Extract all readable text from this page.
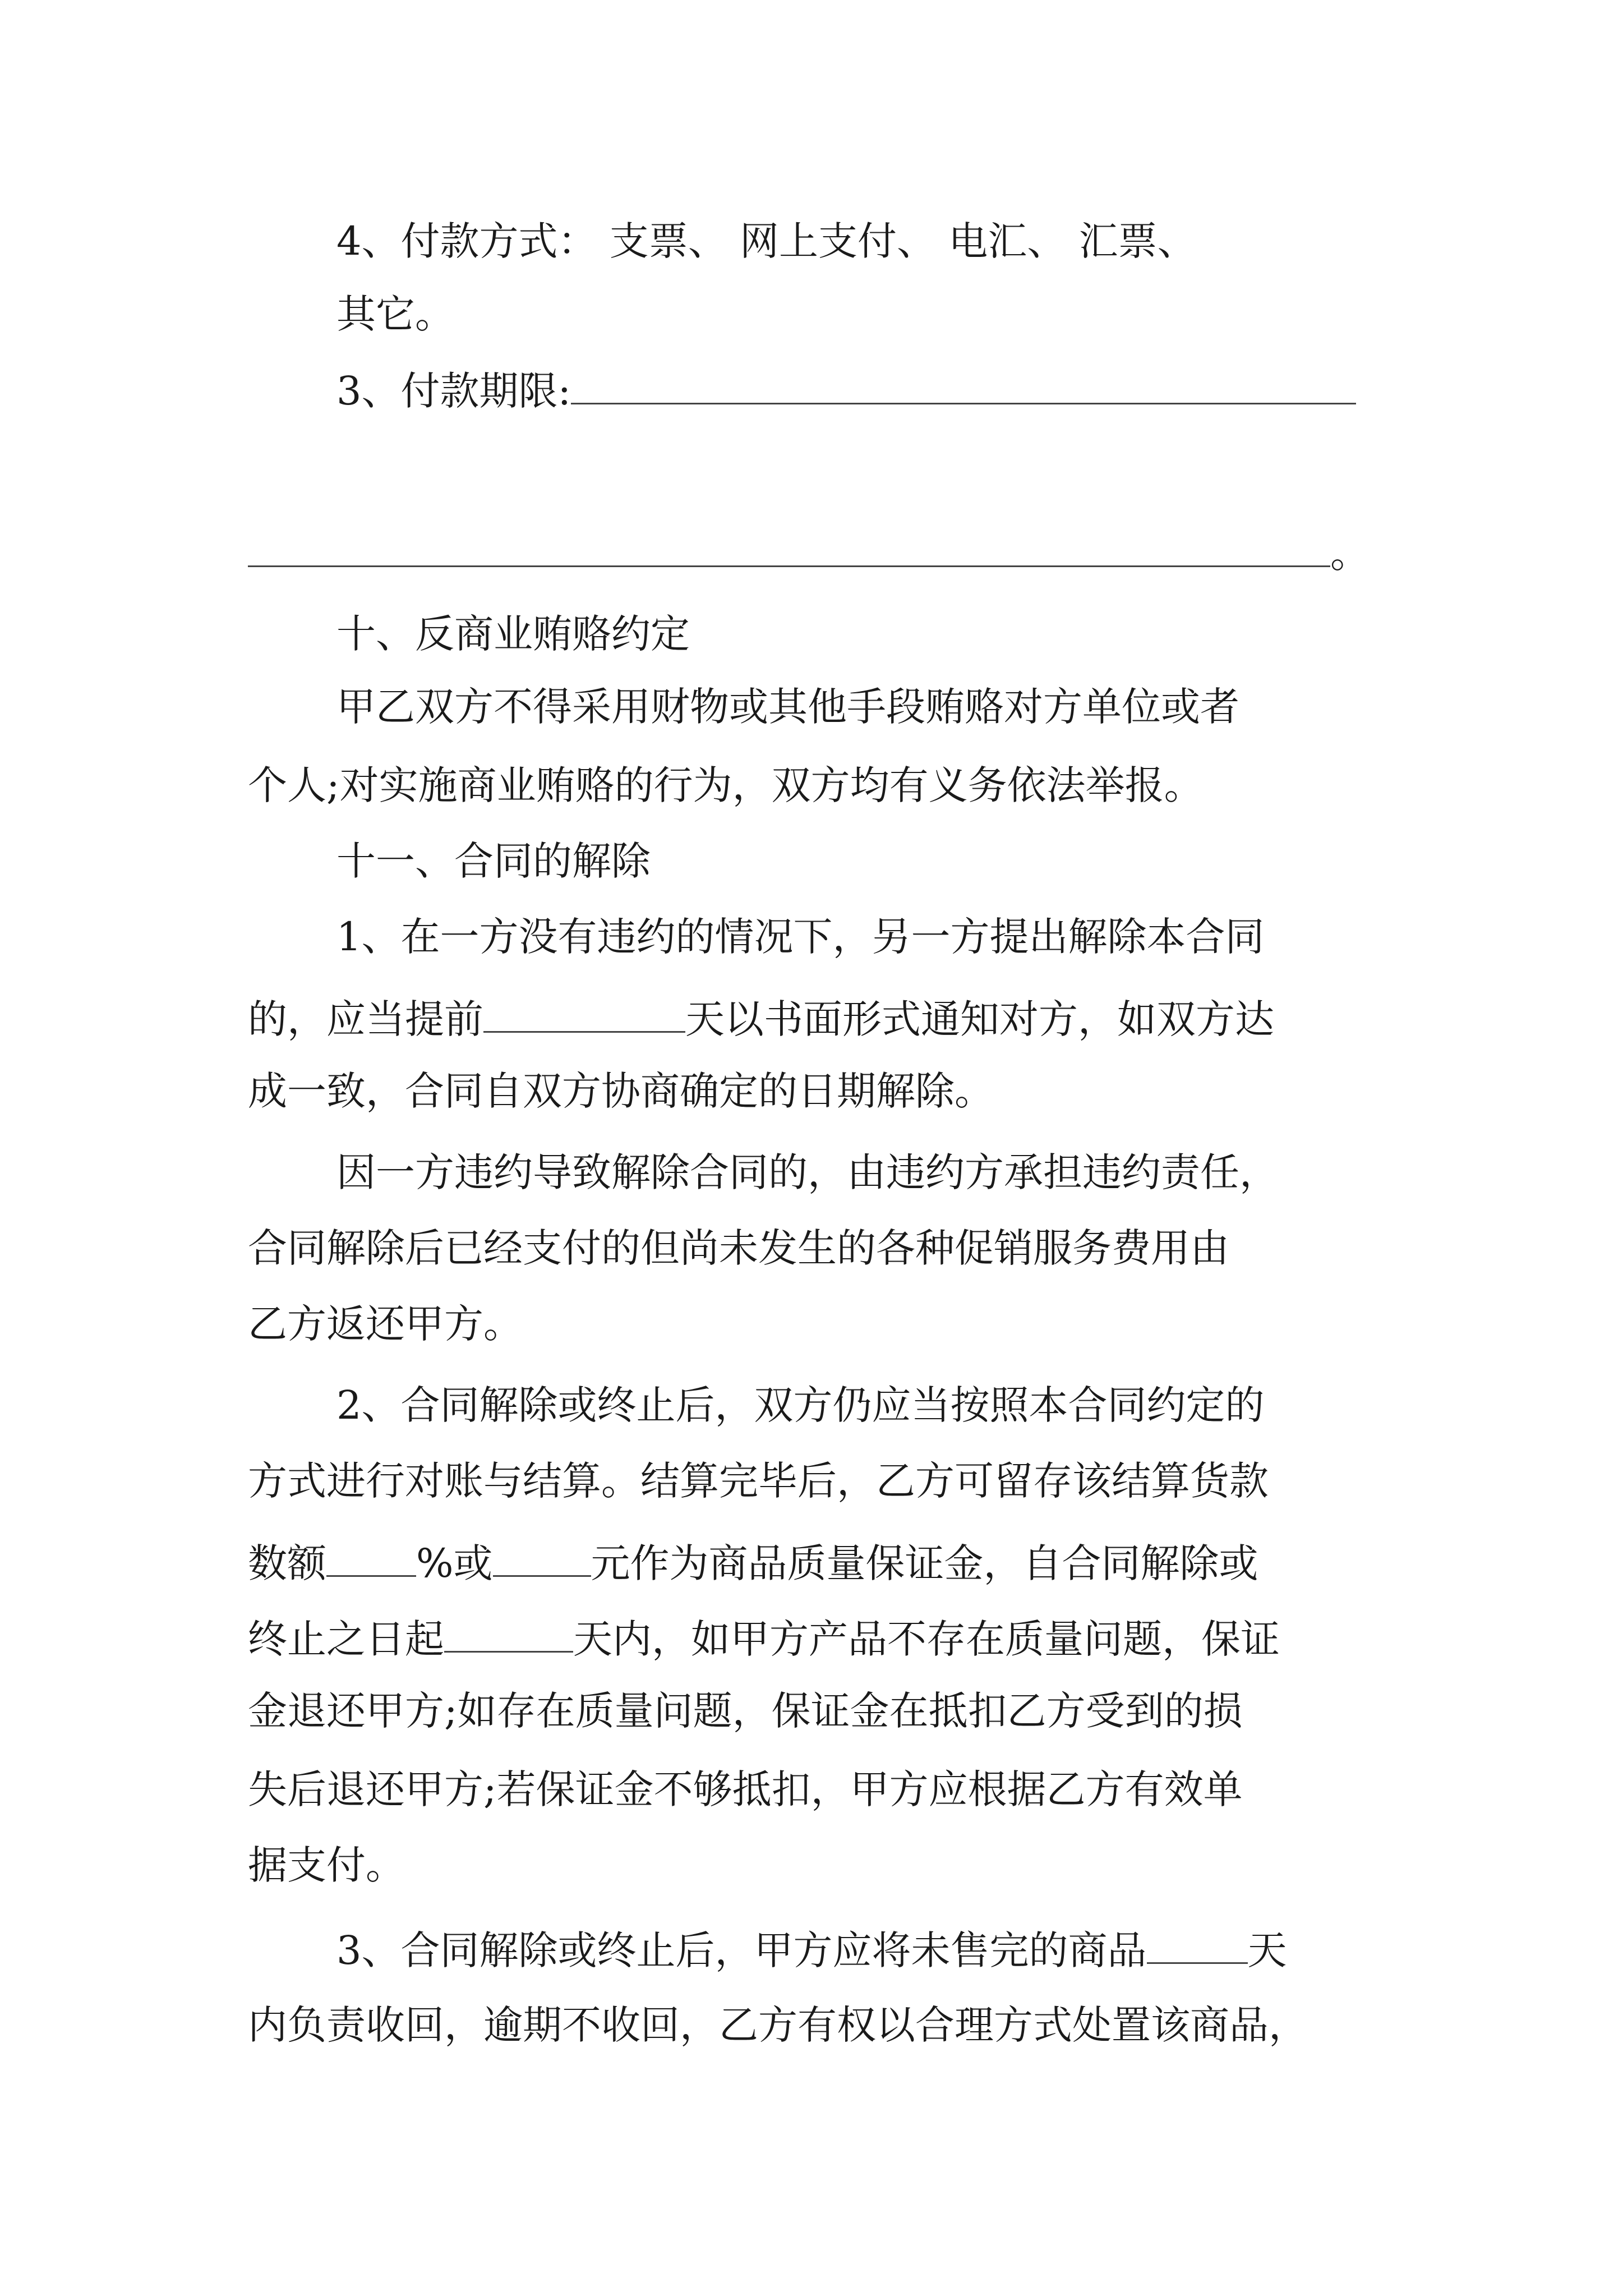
4、付款方式： 支票、 网上支付、 电汇、 汇票、
其它。
3、付款期限:
。
十、反商业贿赂约定
甲乙双方不得采用财物或其他手段贿赂对方单位或者
个人;对实施商业贿赂的行为，双方均有义务依法举报。
十一、合同的解除
1、在一方没有违约的情况下，另一方提出解除本合同
的，应当提前	天以书面形式通知对方，如双方达
成一致，合同自双方协商确定的日期解除。
因一方违约导致解除合同的，由违约方承担违约责任，
合同解除后已经支付的但尚未发生的各种促销服务费用由
乙方返还甲方。
2、合同解除或终止后，双方仍应当按照本合同约定的
方式进行对账与结算。结算完毕后，乙方可留存该结算货款
数额 %或	元作为商品质量保证金，自合同解除或
终止之日起	天内，如甲方产品不存在质量问题，保证
金退还甲方;如存在质量问题，保证金在抵扣乙方受到的损
失后退还甲方;若保证金不够抵扣，甲方应根据乙方有效单
据支付。
3、合同解除或终止后，甲方应将未售完的商品	天
内负责收回，逾期不收回，乙方有权以合理方式处置该商品，
